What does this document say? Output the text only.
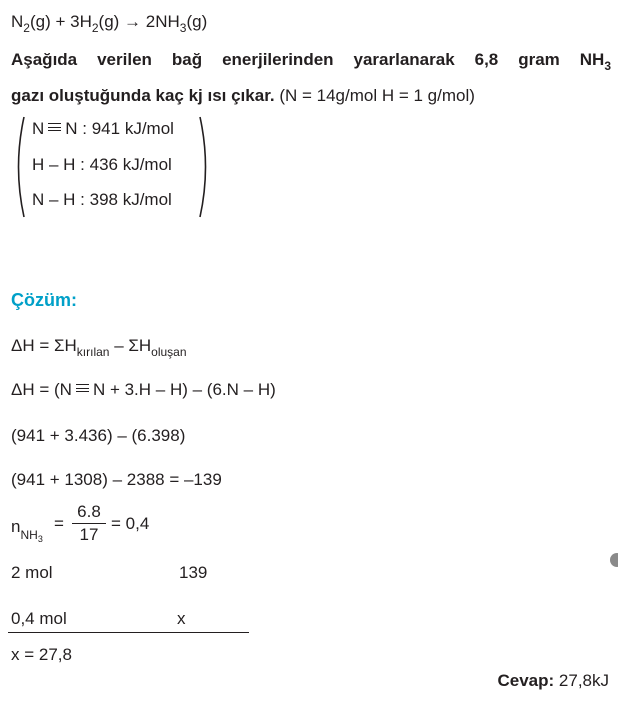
$N_2(g) + 3H_2(g) \to 2NH_3(g)$
Aşağıda verilen bağ enerjilerinden yararlanarak 6,8 gram $NH_3$
gazı oluştuğunda kaç kj ısı çıkar. (N = 14g/mol H = 1 g/mol)
N N : 941 kJ/mol
H – H : 436 kJ/mol
N – H : 398 kJ/mol
Çözüm:
$\Delta H = \Sigma H_{kırılan} - \Sigma H_{oluşan}$
ΔH = (N N + 3.H – H) – (6.N – H)
(941 + 3.436) – (6.398)
(941 + 1308) – 2388 = –139
$n_{NH_3}$
=
6.8
17
= 0,4
2 mol	139
0,4 mol	x
x = 27,8
Cevap: 27,8kJ
